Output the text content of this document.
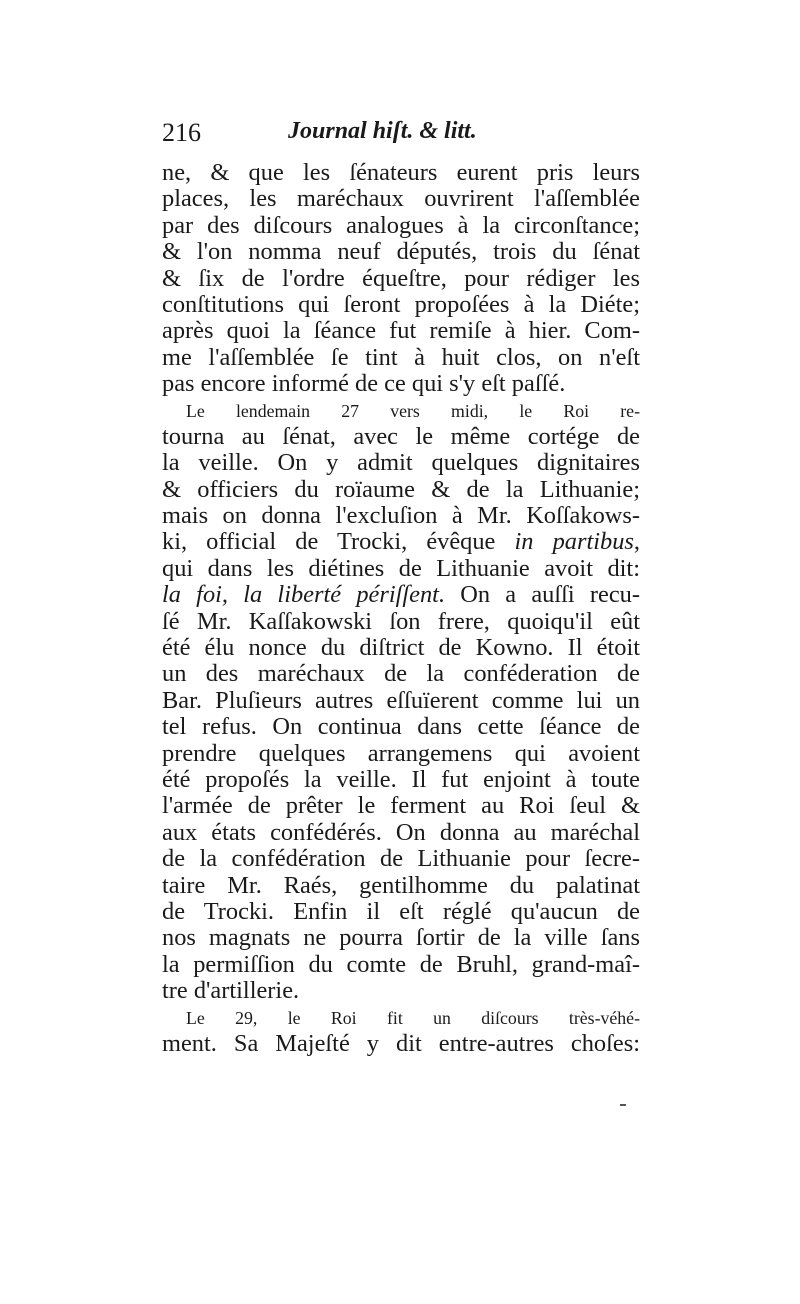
216	Journal hiſt. & litt.
ne, & que les ſénateurs eurent pris leurs
places, les maréchaux ouvrirent l'aſſemblée
par des diſcours analogues à la circonſtance;
& l'on nomma neuf députés, trois du ſénat
& ſix de l'ordre équeſtre, pour rédiger les
conſtitutions qui ſeront propoſées à la Diéte;
après quoi la ſéance fut remiſe à hier. Com-
me l'aſſemblée ſe tint à huit clos, on n'eſt
pas encore informé de ce qui s'y eſt paſſé.
Le lendemain 27 vers midi, le Roi re-
tourna au ſénat, avec le même cortége de
la veille. On y admit quelques dignitaires
& officiers du roïaume & de la Lithuanie;
mais on donna l'excluſion à Mr. Koſſakows-
ki, official de Trocki, évêque in partibus,
qui dans les diétines de Lithuanie avoit dit:
la foi, la liberté périſſent. On a auſſi recu-
ſé Mr. Kaſſakowski ſon frere, quoiqu'il eût
été élu nonce du diſtrict de Kowno. Il étoit
un des maréchaux de la conféderation de
Bar. Pluſieurs autres eſſuïerent comme lui un
tel refus. On continua dans cette ſéance de
prendre quelques arrangemens qui avoient
été propoſés la veille. Il fut enjoint à toute
l'armée de prêter le ferment au Roi ſeul &
aux états confédérés. On donna au maréchal
de la confédération de Lithuanie pour ſecre-
taire Mr. Raés, gentilhomme du palatinat
de Trocki. Enfin il eſt réglé qu'aucun de
nos magnats ne pourra ſortir de la ville ſans
la permiſſion du comte de Bruhl, grand-maî-
tre d'artillerie.
Le 29, le Roi fit un diſcours très-véhé-
ment. Sa Majeſté y dit entre-autres choſes:
